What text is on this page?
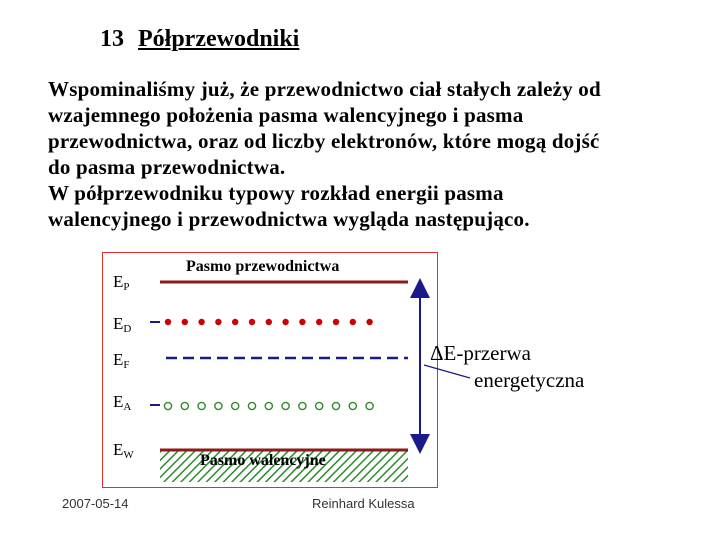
13 Półprzewodniki
Wspominaliśmy już, że przewodnictwo ciał stałych zależy od
wzajemnego położenia pasma walencyjnego i pasma
przewodnictwa, oraz od liczby elektronów, które mogą dojść
do pasma przewodnictwa.
W półprzewodniku typowy rozkład energii pasma
walencyjnego i przewodnictwa wygląda następująco.
$E_P$
$E_D$
$E_F$
$E_A$
$E_W$
Pasmo przewodnictwa
Pasmo walencyjne
ΔE-przerwa
energetyczna
2007-05-14	Reinhard Kulessa
